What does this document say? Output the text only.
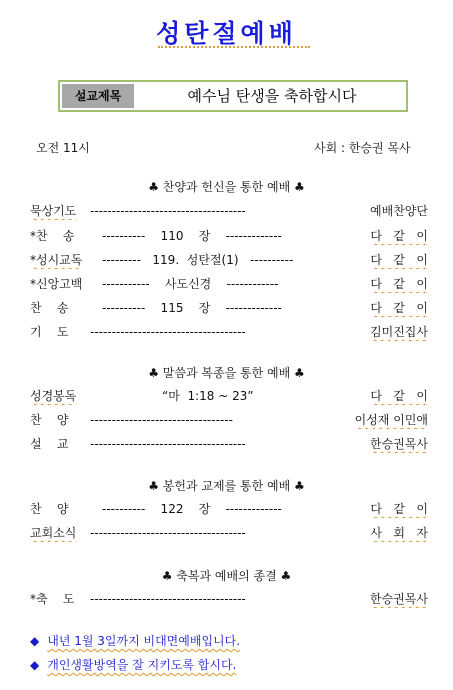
성탄절예배
설교제목	예수님 탄생을 축하합시다
오전 11시	사회 : 한승권 목사
♣ 찬양과 헌신을 통한 예배 ♣
묵상기도 ------------------------------------	예배찬양단
*찬    송 ----------    110    장    -------------	다   같   이
*성시교독 ---------   119.  성탄절(1)   ----------	다   같   이
*신앙고백 -----------    사도신경    ------------	다   같   이
찬    송	----------    115    장    -------------	다   같   이
기    도 ------------------------------------	김미진집사
♣ 말씀과 복종을 통한 예배 ♣
성경봉독	“마  1:18 ~ 23”	다   같   이
찬    양 ---------------------------------	이성재 이민애
설    교 ------------------------------------	한승권목사
♣ 봉헌과 교제를 통한 예배 ♣
찬    양	----------    122    장    -------------	다   같   이
교회소식 ------------------------------------	사   회   자
♣ 축복과 예배의 종결 ♣
*축    도 ------------------------------------	한승권목사
◆ 내년 1월 3일까지 비대면예배입니다.
◆ 개인생활방역을 잘 지키도록 합시다.
